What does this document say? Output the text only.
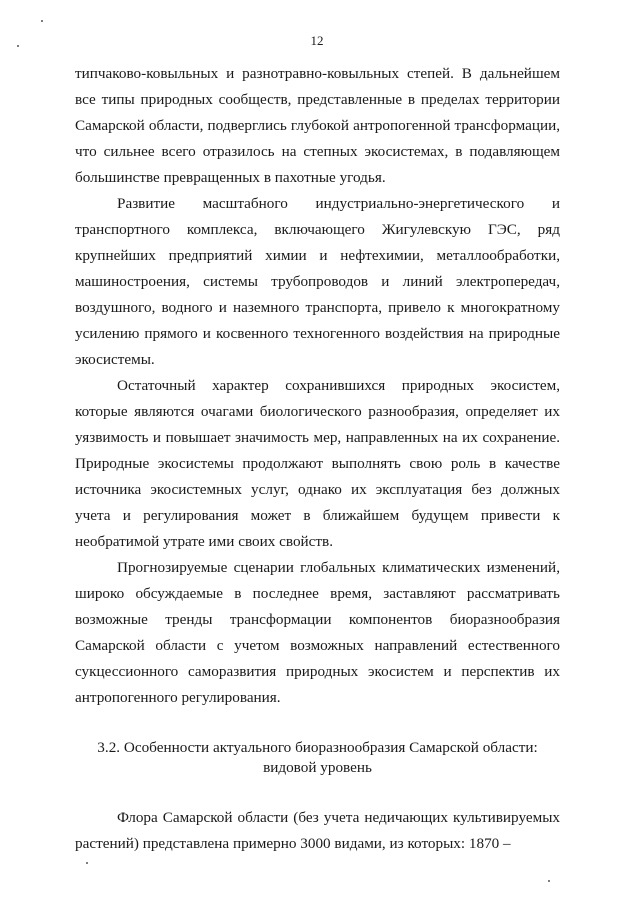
12

типчаково-ковыльных и разнотравно-ковыльных степей. В дальнейшем все типы природных сообществ, представленные в пределах территории Самарской области, подверглись глубокой антропогенной трансформации, что сильнее всего отразилось на степных экосистемах, в подавляющем большинстве превращенных в пахотные угодья.

Развитие масштабного индустриально-энергетического и транспортного комплекса, включающего Жигулевскую ГЭС, ряд крупнейших предприятий химии и нефтехимии, металлообработки, машиностроения, системы трубопроводов и линий электропередач, воздушного, водного и наземного транспорта, привело к многократному усилению прямого и косвенного техногенного воздействия на природные экосистемы.

Остаточный характер сохранившихся природных экосистем, которые являются очагами биологического разнообразия, определяет их уязвимость и повышает значимость мер, направленных на их сохранение. Природные экосистемы продолжают выполнять свою роль в качестве источника экосистемных услуг, однако их эксплуатация без должных учета и регулирования может в ближайшем будущем привести к необратимой утрате ими своих свойств.

Прогнозируемые сценарии глобальных климатических изменений, широко обсуждаемые в последнее время, заставляют рассматривать возможные тренды трансформации компонентов биоразнообразия Самарской области с учетом возможных направлений естественного сукцессионного саморазвития природных экосистем и перспектив их антропогенного регулирования.

3.2. Особенности актуального биоразнообразия Самарской области:
видовой уровень

Флора Самарской области (без учета недичающих культивируемых растений) представлена примерно 3000 видами, из которых: 1870 –
